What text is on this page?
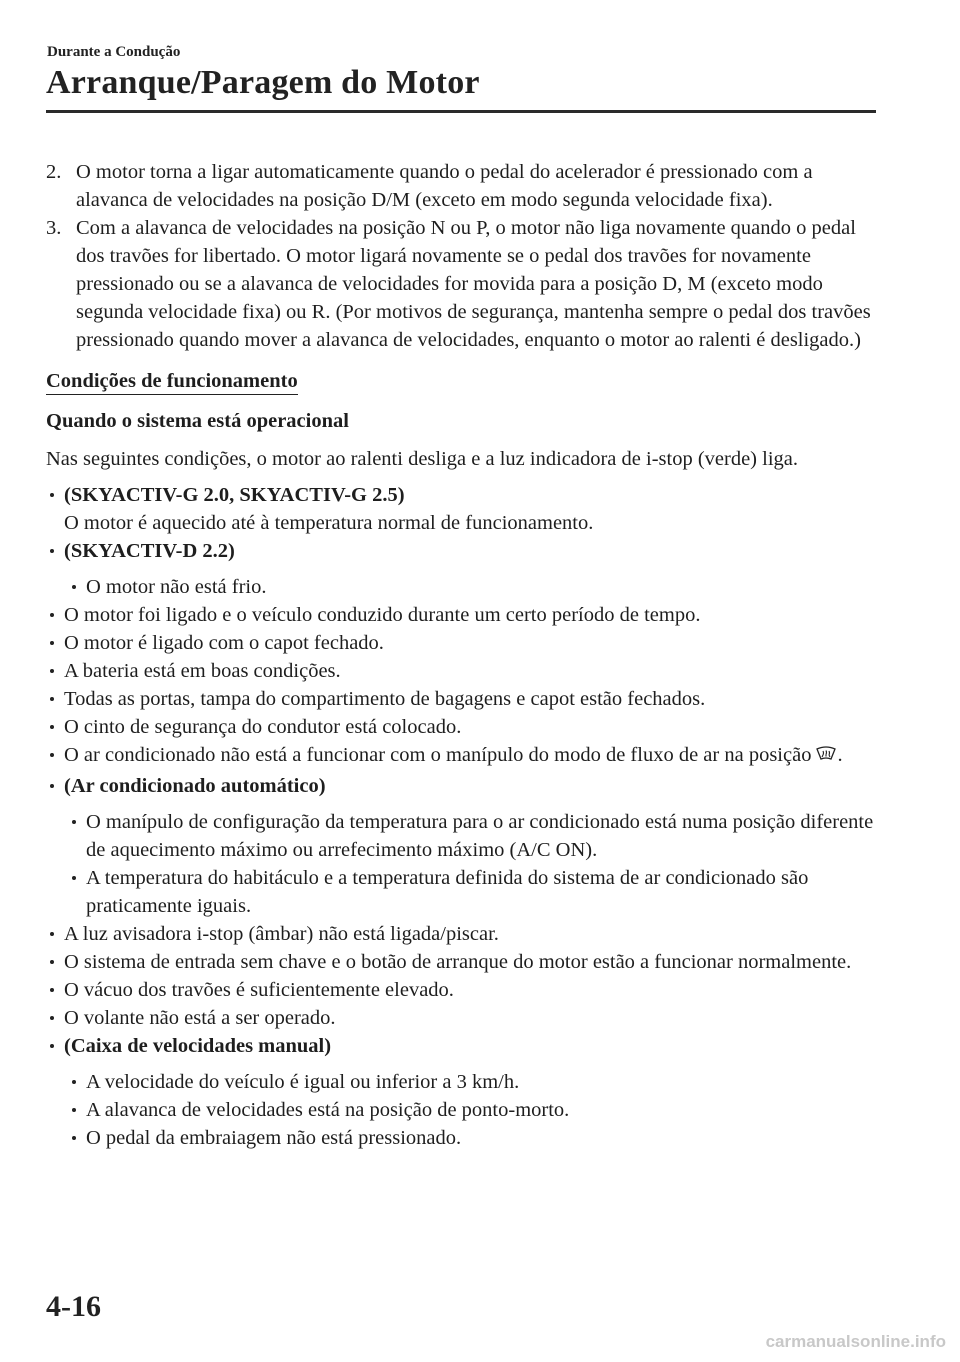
Durante a Condução
Arranque/Paragem do Motor
2. O motor torna a ligar automaticamente quando o pedal do acelerador é pressionado com a alavanca de velocidades na posição D/M (exceto em modo segunda velocidade fixa).
3. Com a alavanca de velocidades na posição N ou P, o motor não liga novamente quando o pedal dos travões for libertado. O motor ligará novamente se o pedal dos travões for novamente pressionado ou se a alavanca de velocidades for movida para a posição D, M (exceto modo segunda velocidade fixa) ou R. (Por motivos de segurança, mantenha sempre o pedal dos travões pressionado quando mover a alavanca de velocidades, enquanto o motor ao ralenti é desligado.)
Condições de funcionamento
Quando o sistema está operacional
Nas seguintes condições, o motor ao ralenti desliga e a luz indicadora de i-stop (verde) liga.
(SKYACTIV-G 2.0, SKYACTIV-G 2.5)
O motor é aquecido até à temperatura normal de funcionamento.
(SKYACTIV-D 2.2)
O motor não está frio.
O motor foi ligado e o veículo conduzido durante um certo período de tempo.
O motor é ligado com o capot fechado.
A bateria está em boas condições.
Todas as portas, tampa do compartimento de bagagens e capot estão fechados.
O cinto de segurança do condutor está colocado.
O ar condicionado não está a funcionar com o manípulo do modo de fluxo de ar na posição .
(Ar condicionado automático)
O manípulo de configuração da temperatura para o ar condicionado está numa posição diferente de aquecimento máximo ou arrefecimento máximo (A/C ON).
A temperatura do habitáculo e a temperatura definida do sistema de ar condicionado são praticamente iguais.
A luz avisadora i-stop (âmbar) não está ligada/piscar.
O sistema de entrada sem chave e o botão de arranque do motor estão a funcionar normalmente.
O vácuo dos travões é suficientemente elevado.
O volante não está a ser operado.
(Caixa de velocidades manual)
A velocidade do veículo é igual ou inferior a 3 km/h.
A alavanca de velocidades está na posição de ponto-morto.
O pedal da embraiagem não está pressionado.
4-16
carmanualsonline.info
